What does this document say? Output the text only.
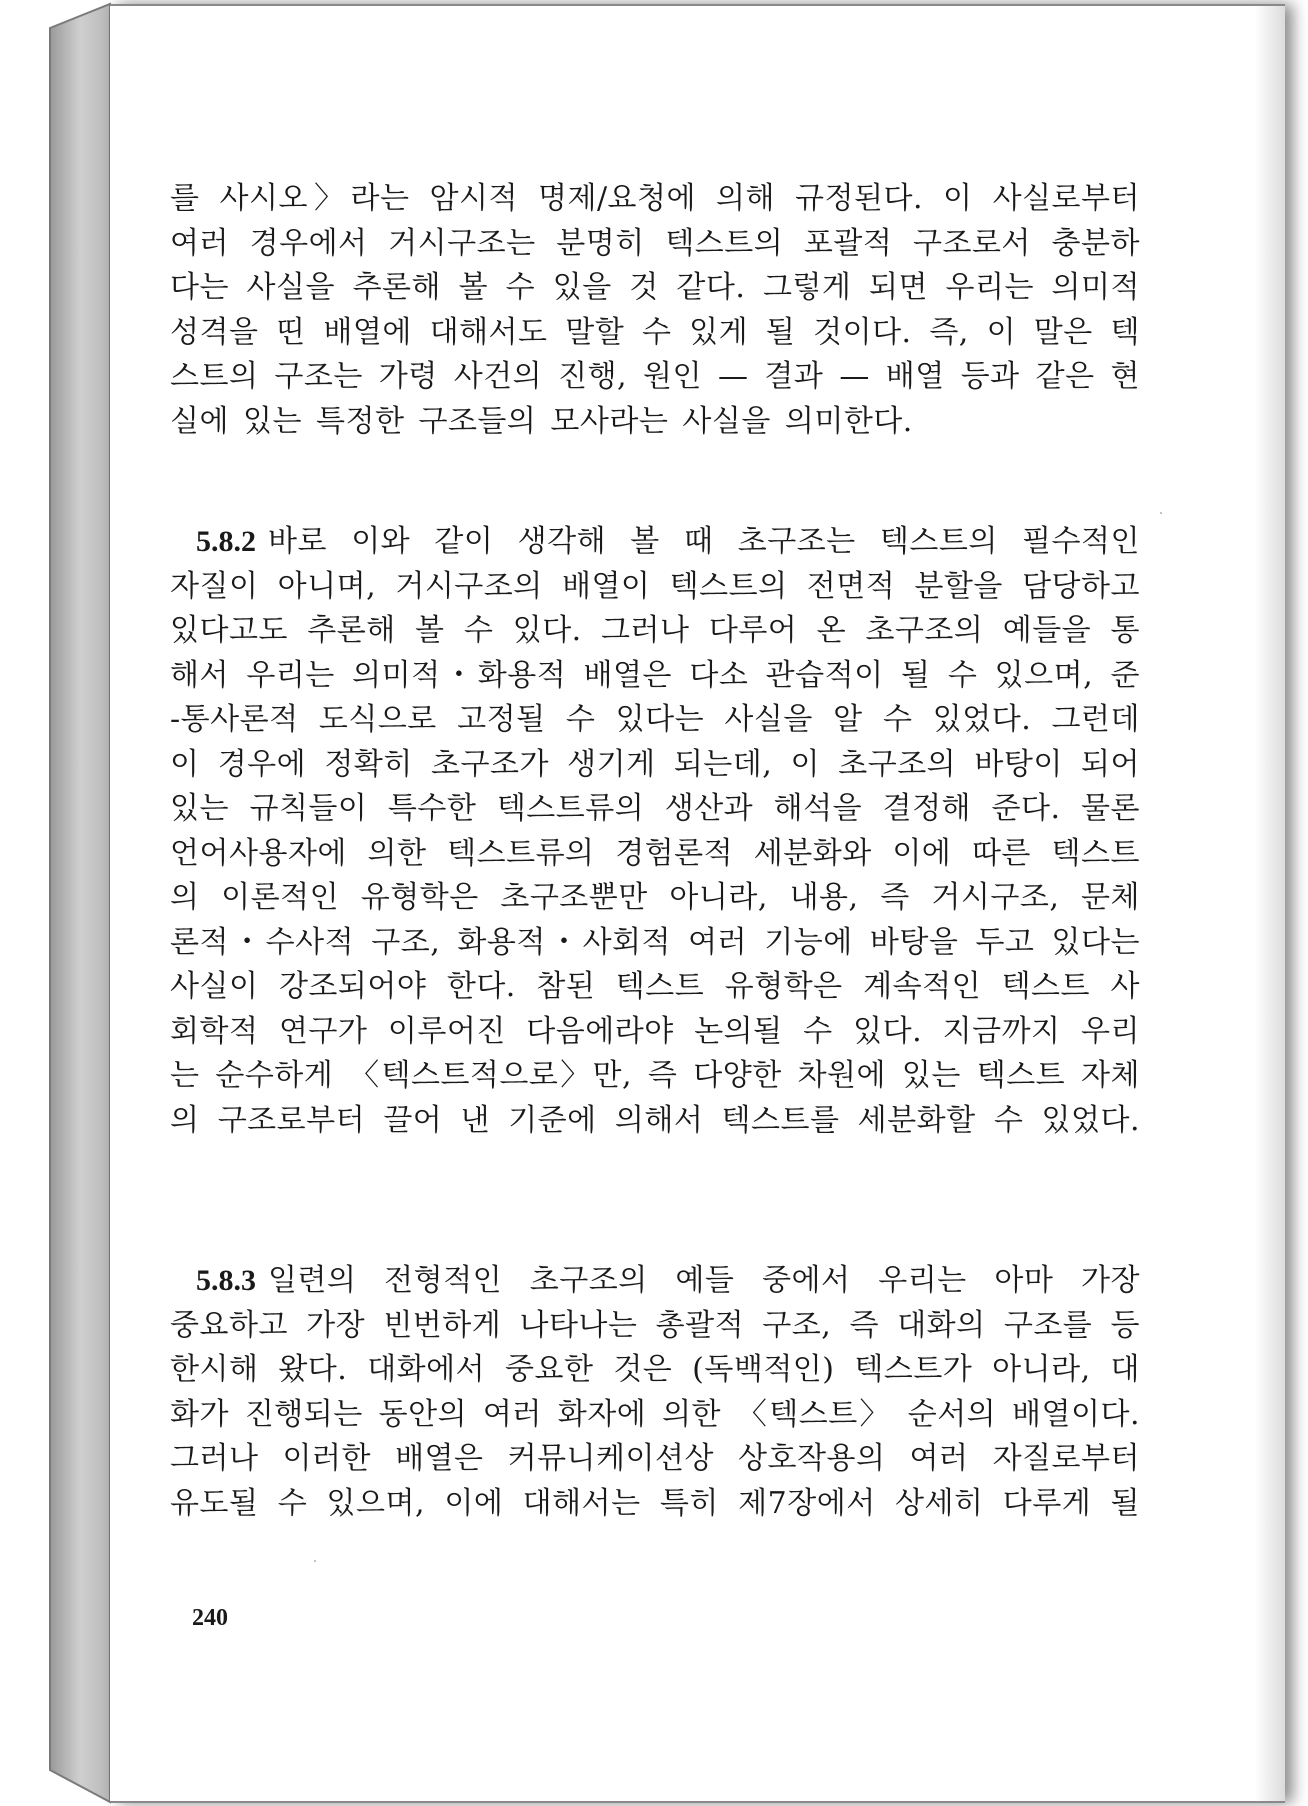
를 사시오〉라는 암시적 명제/요청에 의해 규정된다. 이 사실로부터
여러 경우에서 거시구조는 분명히 텍스트의 포괄적 구조로서 충분하
다는 사실을 추론해 볼 수 있을 것 같다. 그렇게 되면 우리는 의미적
성격을 띤 배열에 대해서도 말할 수 있게 될 것이다. 즉, 이 말은 텍
스트의 구조는 가령 사건의 진행, 원인 — 결과 — 배열 등과 같은 현
실에 있는 특정한 구조들의 모사라는 사실을 의미한다.
5.8.2 바로 이와 같이 생각해 볼 때 초구조는 텍스트의 필수적인
자질이 아니며, 거시구조의 배열이 텍스트의 전면적 분할을 담당하고
있다고도 추론해 볼 수 있다. 그러나 다루어 온 초구조의 예들을 통
해서 우리는 의미적・화용적 배열은 다소 관습적이 될 수 있으며, 준
-통사론적 도식으로 고정될 수 있다는 사실을 알 수 있었다. 그런데
이 경우에 정확히 초구조가 생기게 되는데, 이 초구조의 바탕이 되어
있는 규칙들이 특수한 텍스트류의 생산과 해석을 결정해 준다. 물론
언어사용자에 의한 텍스트류의 경험론적 세분화와 이에 따른 텍스트
의 이론적인 유형학은 초구조뿐만 아니라, 내용, 즉 거시구조, 문체
론적・수사적 구조, 화용적・사회적 여러 기능에 바탕을 두고 있다는
사실이 강조되어야 한다. 참된 텍스트 유형학은 계속적인 텍스트 사
회학적 연구가 이루어진 다음에라야 논의될 수 있다. 지금까지 우리
는 순수하게 〈텍스트적으로〉만, 즉 다양한 차원에 있는 텍스트 자체
의 구조로부터 끌어 낸 기준에 의해서 텍스트를 세분화할 수 있었다.
5.8.3 일련의 전형적인 초구조의 예들 중에서 우리는 아마 가장
중요하고 가장 빈번하게 나타나는 총괄적 구조, 즉 대화의 구조를 등
한시해 왔다. 대화에서 중요한 것은 (독백적인) 텍스트가 아니라, 대
화가 진행되는 동안의 여러 화자에 의한 〈텍스트〉 순서의 배열이다.
그러나 이러한 배열은 커뮤니케이션상 상호작용의 여러 자질로부터
유도될 수 있으며, 이에 대해서는 특히 제7장에서 상세히 다루게 될
240
